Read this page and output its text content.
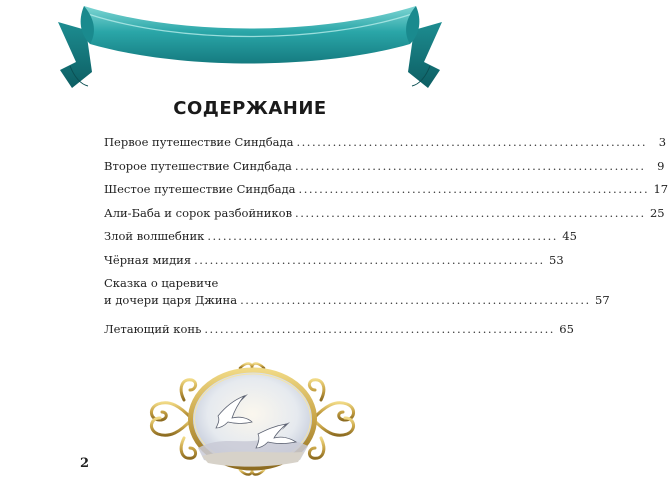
СОДЕРЖАНИЕ
Первое путешествие Синдбада ....................................................................	3
Второе путешествие Синдбада ....................................................................	9
Шестое путешествие Синдбада .................................................................... 17
Али-Баба и сорок разбойников .................................................................... 25
Злой волшебник .................................................................... 45
Чёрная мидия .................................................................... 53
Сказка о царевиче
и дочери царя Джина .................................................................... 57
Летающий конь .................................................................... 65
2
